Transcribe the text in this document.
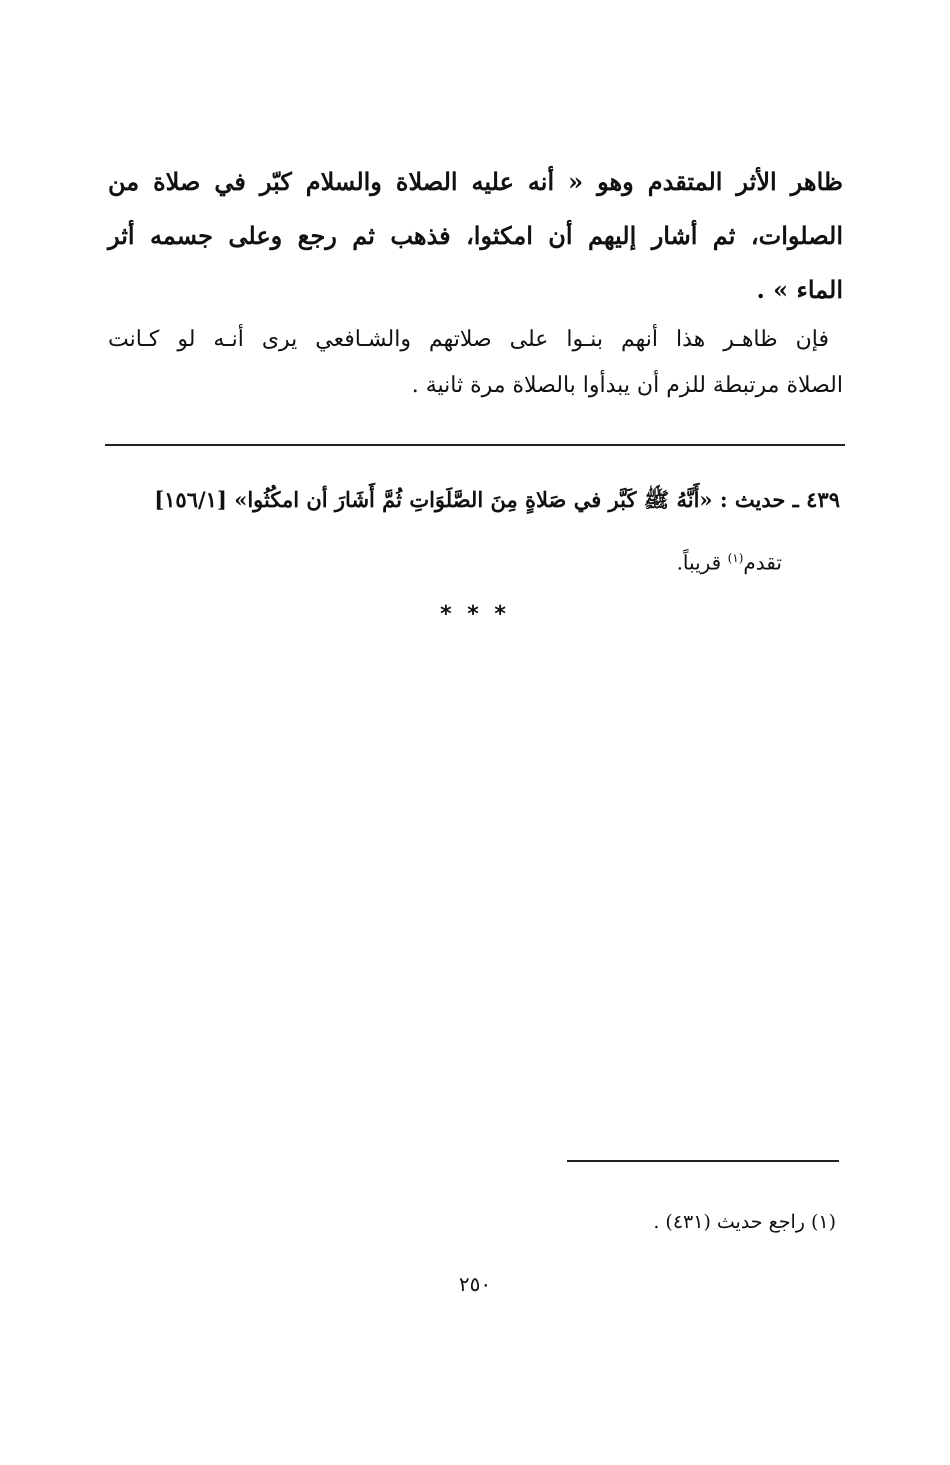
ظاهر الأثر المتقدم وهو « أنه عليه الصلاة والسلام كبّر في صلاة من
الصلوات، ثم أشار إليهم أن امكثوا، فذهب ثم رجع وعلى جسمه أثر
الماء » .
فإن ظاهـر هذا أنهم بنـوا على صلاتهم والشـافعي يرى أنـه لو كـانت
الصلاة مرتبطة للزم أن يبدأوا بالصلاة مرة ثانية .
٤٣٩ ـ حديث : «أَنَّهُ ﷺ كَبَّر في صَلاةٍ مِنَ الصَّلَوَاتِ ثُمَّ أَشَارَ أن امكُثُوا» [١٥٦/١]
تقدم$^{(١)}$ قريباً.
* * *
(١) راجع حديث (٤٣١) .
٢٥٠
